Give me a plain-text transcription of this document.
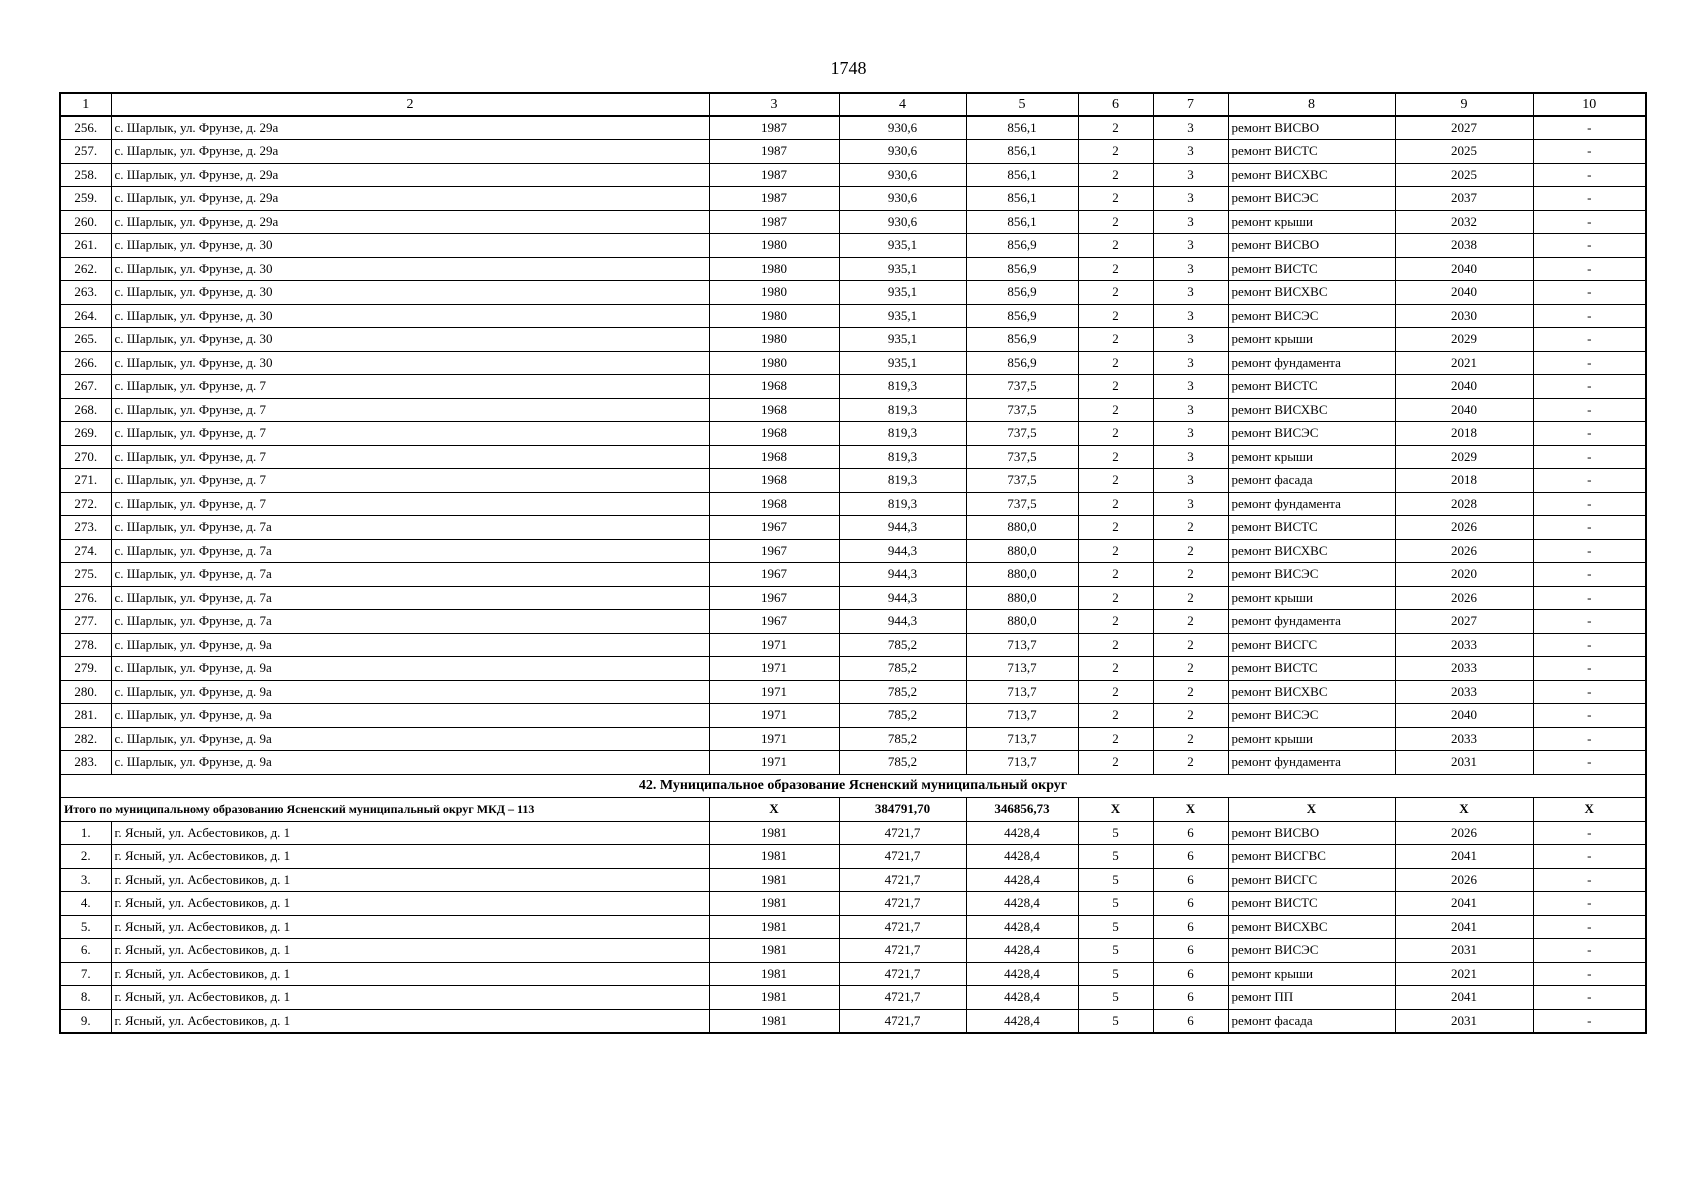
1748
1	2	3	4	5	6	7	8	9	10
256.	с. Шарлык, ул. Фрунзе, д. 29а	1987	930,6	856,1	2	3	ремонт ВИСВО	2027	-
257.	с. Шарлык, ул. Фрунзе, д. 29а	1987	930,6	856,1	2	3	ремонт ВИСТС	2025	-
258.	с. Шарлык, ул. Фрунзе, д. 29а	1987	930,6	856,1	2	3	ремонт ВИСХВС	2025	-
259.	с. Шарлык, ул. Фрунзе, д. 29а	1987	930,6	856,1	2	3	ремонт ВИСЭС	2037	-
260.	с. Шарлык, ул. Фрунзе, д. 29а	1987	930,6	856,1	2	3	ремонт крыши	2032	-
261.	с. Шарлык, ул. Фрунзе, д. 30	1980	935,1	856,9	2	3	ремонт ВИСВО	2038	-
262.	с. Шарлык, ул. Фрунзе, д. 30	1980	935,1	856,9	2	3	ремонт ВИСТС	2040	-
263.	с. Шарлык, ул. Фрунзе, д. 30	1980	935,1	856,9	2	3	ремонт ВИСХВС	2040	-
264.	с. Шарлык, ул. Фрунзе, д. 30	1980	935,1	856,9	2	3	ремонт ВИСЭС	2030	-
265.	с. Шарлык, ул. Фрунзе, д. 30	1980	935,1	856,9	2	3	ремонт крыши	2029	-
266.	с. Шарлык, ул. Фрунзе, д. 30	1980	935,1	856,9	2	3	ремонт фундамента	2021	-
267.	с. Шарлык, ул. Фрунзе, д. 7	1968	819,3	737,5	2	3	ремонт ВИСТС	2040	-
268.	с. Шарлык, ул. Фрунзе, д. 7	1968	819,3	737,5	2	3	ремонт ВИСХВС	2040	-
269.	с. Шарлык, ул. Фрунзе, д. 7	1968	819,3	737,5	2	3	ремонт ВИСЭС	2018	-
270.	с. Шарлык, ул. Фрунзе, д. 7	1968	819,3	737,5	2	3	ремонт крыши	2029	-
271.	с. Шарлык, ул. Фрунзе, д. 7	1968	819,3	737,5	2	3	ремонт фасада	2018	-
272.	с. Шарлык, ул. Фрунзе, д. 7	1968	819,3	737,5	2	3	ремонт фундамента	2028	-
273.	с. Шарлык, ул. Фрунзе, д. 7а	1967	944,3	880,0	2	2	ремонт ВИСТС	2026	-
274.	с. Шарлык, ул. Фрунзе, д. 7а	1967	944,3	880,0	2	2	ремонт ВИСХВС	2026	-
275.	с. Шарлык, ул. Фрунзе, д. 7а	1967	944,3	880,0	2	2	ремонт ВИСЭС	2020	-
276.	с. Шарлык, ул. Фрунзе, д. 7а	1967	944,3	880,0	2	2	ремонт крыши	2026	-
277.	с. Шарлык, ул. Фрунзе, д. 7а	1967	944,3	880,0	2	2	ремонт фундамента	2027	-
278.	с. Шарлык, ул. Фрунзе, д. 9а	1971	785,2	713,7	2	2	ремонт ВИСГС	2033	-
279.	с. Шарлык, ул. Фрунзе, д. 9а	1971	785,2	713,7	2	2	ремонт ВИСТС	2033	-
280.	с. Шарлык, ул. Фрунзе, д. 9а	1971	785,2	713,7	2	2	ремонт ВИСХВС	2033	-
281.	с. Шарлык, ул. Фрунзе, д. 9а	1971	785,2	713,7	2	2	ремонт ВИСЭС	2040	-
282.	с. Шарлык, ул. Фрунзе, д. 9а	1971	785,2	713,7	2	2	ремонт крыши	2033	-
283.	с. Шарлык, ул. Фрунзе, д. 9а	1971	785,2	713,7	2	2	ремонт фундамента	2031	-
42. Муниципальное образование Ясненский муниципальный округ									
Итого по муниципальному образованию Ясненский муниципальный округ МКД – 113		Х	384791,70	346856,73	Х	Х	Х	Х	Х
1.	г. Ясный, ул. Асбестовиков, д. 1	1981	4721,7	4428,4	5	6	ремонт ВИСВО	2026	-
2.	г. Ясный, ул. Асбестовиков, д. 1	1981	4721,7	4428,4	5	6	ремонт ВИСГВС	2041	-
3.	г. Ясный, ул. Асбестовиков, д. 1	1981	4721,7	4428,4	5	6	ремонт ВИСГС	2026	-
4.	г. Ясный, ул. Асбестовиков, д. 1	1981	4721,7	4428,4	5	6	ремонт ВИСТС	2041	-
5.	г. Ясный, ул. Асбестовиков, д. 1	1981	4721,7	4428,4	5	6	ремонт ВИСХВС	2041	-
6.	г. Ясный, ул. Асбестовиков, д. 1	1981	4721,7	4428,4	5	6	ремонт ВИСЭС	2031	-
7.	г. Ясный, ул. Асбестовиков, д. 1	1981	4721,7	4428,4	5	6	ремонт крыши	2021	-
8.	г. Ясный, ул. Асбестовиков, д. 1	1981	4721,7	4428,4	5	6	ремонт ПП	2041	-
9.	г. Ясный, ул. Асбестовиков, д. 1	1981	4721,7	4428,4	5	6	ремонт фасада	2031	-
